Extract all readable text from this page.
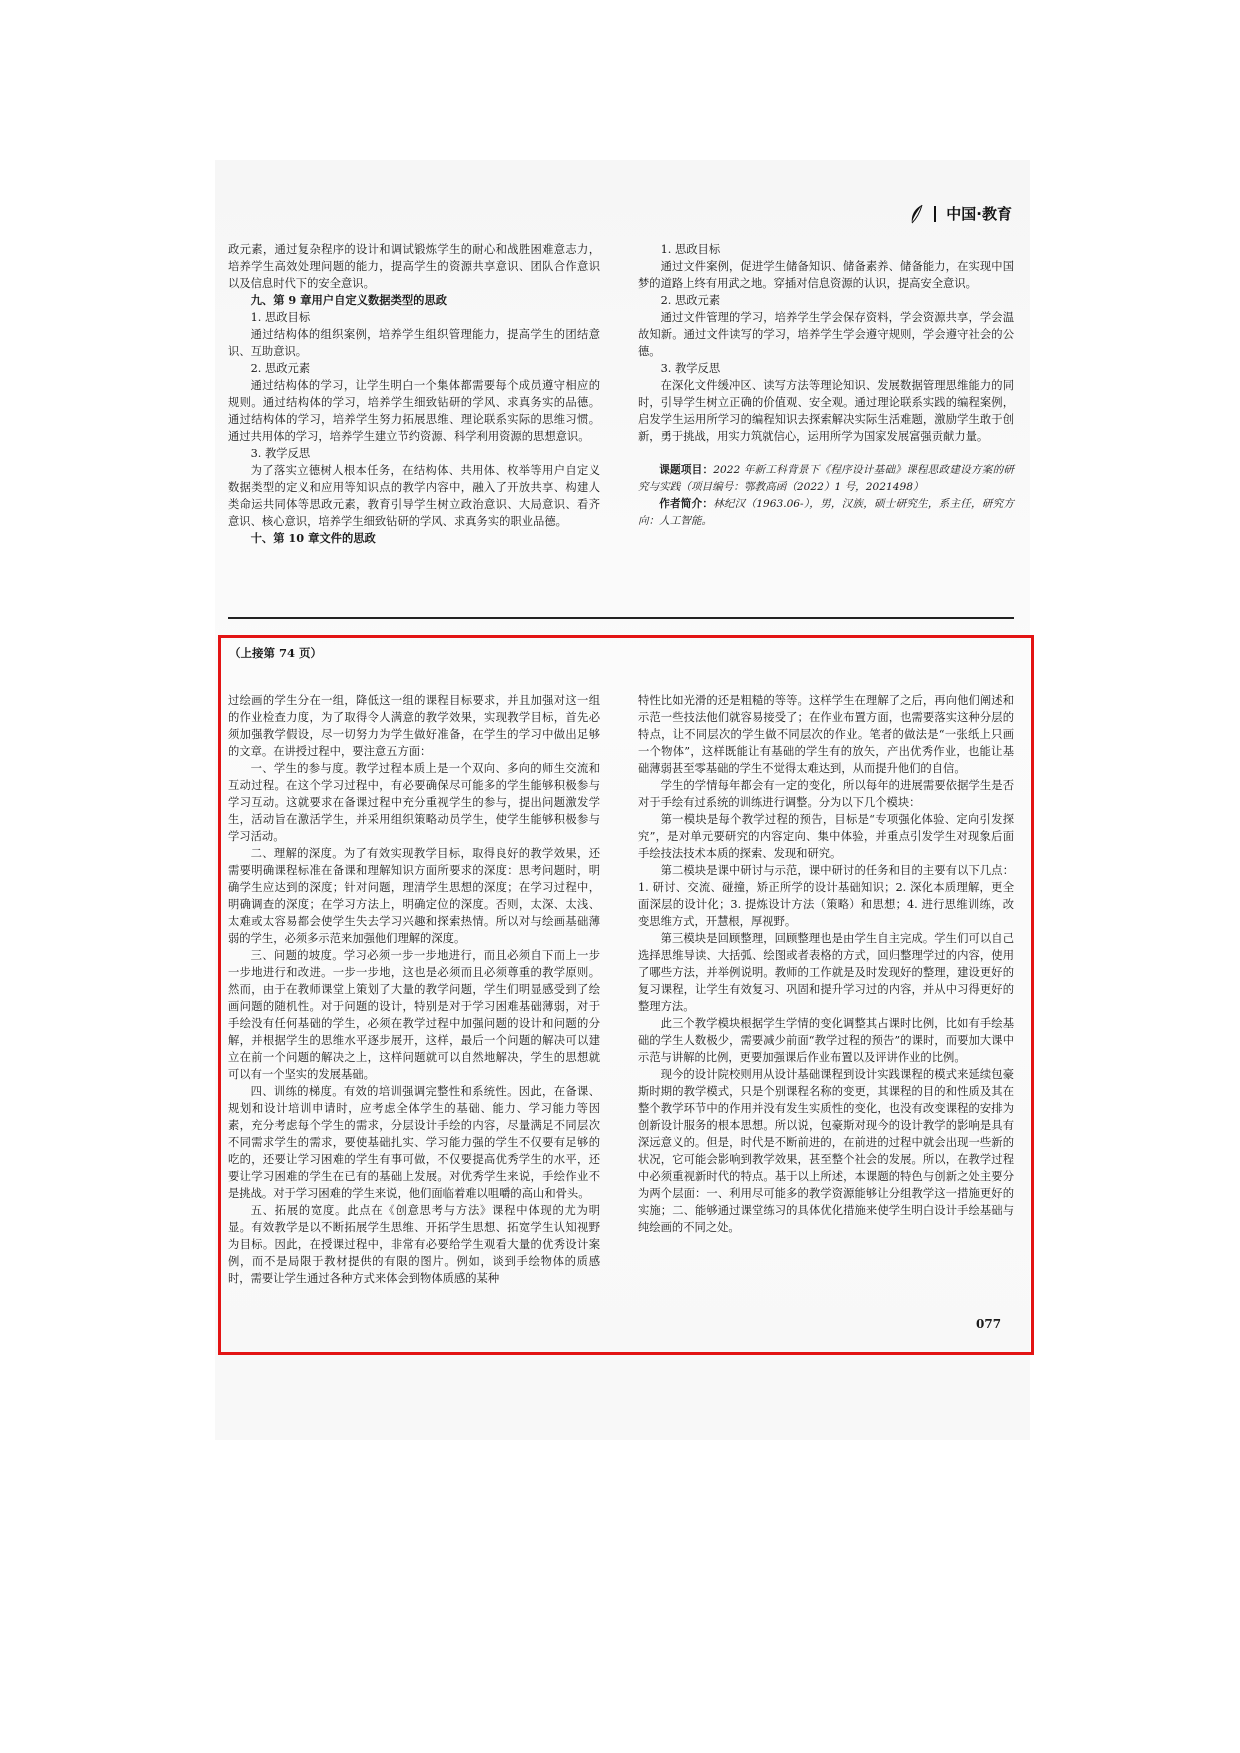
中国·教育

政元素，通过复杂程序的设计和调试锻炼学生的耐心和战胜困难意志力，培养学生高效处理问题的能力，提高学生的资源共享意识、团队合作意识以及信息时代下的安全意识。

九、第 9 章用户自定义数据类型的思政

1. 思政目标

通过结构体的组织案例，培养学生组织管理能力，提高学生的团结意识、互助意识。

2. 思政元素

通过结构体的学习，让学生明白一个集体都需要每个成员遵守相应的规则。通过结构体的学习，培养学生细致钻研的学风、求真务实的品德。通过结构体的学习，培养学生努力拓展思维、理论联系实际的思维习惯。通过共用体的学习，培养学生建立节约资源、科学利用资源的思想意识。

3. 教学反思

为了落实立德树人根本任务，在结构体、共用体、枚举等用户自定义数据类型的定义和应用等知识点的教学内容中，融入了开放共享、构建人类命运共同体等思政元素，教育引导学生树立政治意识、大局意识、看齐意识、核心意识，培养学生细致钻研的学风、求真务实的职业品德。

十、第 10 章文件的思政

1. 思政目标

通过文件案例，促进学生储备知识、储备素养、储备能力，在实现中国梦的道路上终有用武之地。穿插对信息资源的认识，提高安全意识。

2. 思政元素

通过文件管理的学习，培养学生学会保存资料，学会资源共享，学会温故知新。通过文件读写的学习，培养学生学会遵守规则，学会遵守社会的公德。

3. 教学反思

在深化文件缓冲区、读写方法等理论知识、发展数据管理思维能力的同时，引导学生树立正确的价值观、安全观。通过理论联系实践的编程案例，启发学生运用所学习的编程知识去探索解决实际生活难题，激励学生敢于创新，勇于挑战，用实力筑就信心，运用所学为国家发展富强贡献力量。

课题项目：2022 年新工科背景下《程序设计基础》课程思政建设方案的研究与实践（项目编号：鄂教高函（2022）1 号，2021498）

作者简介：林纪汉（1963.06-），男，汉族，硕士研究生，系主任，研究方向：人工智能。

（上接第 74 页）

过绘画的学生分在一组，降低这一组的课程目标要求，并且加强对这一组的作业检查力度，为了取得令人满意的教学效果，实现教学目标，首先必须加强教学假设，尽一切努力为学生做好准备，在学生的学习中做出足够的文章。在讲授过程中，要注意五方面：

一、学生的参与度。教学过程本质上是一个双向、多向的师生交流和互动过程。在这个学习过程中，有必要确保尽可能多的学生能够积极参与学习互动。这就要求在备课过程中充分重视学生的参与，提出问题激发学生，活动旨在激活学生，并采用组织策略动员学生，使学生能够积极参与学习活动。

二、理解的深度。为了有效实现教学目标，取得良好的教学效果，还需要明确课程标准在备课和理解知识方面所要求的深度：思考问题时，明确学生应达到的深度；针对问题，理清学生思想的深度；在学习过程中，明确调查的深度；在学习方法上，明确定位的深度。否则，太深、太浅、太难或太容易都会使学生失去学习兴趣和探索热情。所以对与绘画基础薄弱的学生，必须多示范来加强他们理解的深度。

三、问题的坡度。学习必须一步一步地进行，而且必须自下而上一步一步地进行和改进。一步一步地，这也是必须而且必须尊重的教学原则。然而，由于在教师课堂上策划了大量的教学问题，学生们明显感受到了绘画问题的随机性。对于问题的设计，特别是对于学习困难基础薄弱，对于手绘没有任何基础的学生，必须在教学过程中加强问题的设计和问题的分解，并根据学生的思维水平逐步展开，这样，最后一个问题的解决可以建立在前一个问题的解决之上，这样问题就可以自然地解决，学生的思想就可以有一个坚实的发展基础。

四、训练的梯度。有效的培训强调完整性和系统性。因此，在备课、规划和设计培训申请时，应考虑全体学生的基础、能力、学习能力等因素，充分考虑每个学生的需求，分层设计手绘的内容，尽量满足不同层次不同需求学生的需求，要使基础扎实、学习能力强的学生不仅要有足够的吃的，还要让学习困难的学生有事可做，不仅要提高优秀学生的水平，还要让学习困难的学生在已有的基础上发展。对优秀学生来说，手绘作业不是挑战。对于学习困难的学生来说，他们面临着难以咀嚼的高山和骨头。

五、拓展的宽度。此点在《创意思考与方法》课程中体现的尤为明显。有效教学是以不断拓展学生思维、开拓学生思想、拓宽学生认知视野为目标。因此，在授课过程中，非常有必要给学生观看大量的优秀设计案例，而不是局限于教材提供的有限的图片。例如，谈到手绘物体的质感时，需要让学生通过各种方式来体会到物体质感的某种

特性比如光滑的还是粗糙的等等。这样学生在理解了之后，再向他们阐述和示范一些技法他们就容易接受了；在作业布置方面，也需要落实这种分层的特点，让不同层次的学生做不同层次的作业。笔者的做法是“一张纸上只画一个物体”，这样既能让有基础的学生有的放矢，产出优秀作业，也能让基础薄弱甚至零基础的学生不觉得太难达到，从而提升他们的自信。

学生的学情每年都会有一定的变化，所以每年的进展需要依据学生是否对于手绘有过系统的训练进行调整。分为以下几个模块：

第一模块是每个教学过程的预告，目标是“专项强化体验、定向引发探究”，是对单元要研究的内容定向、集中体验，并重点引发学生对现象后面手绘技法技术本质的探索、发现和研究。

第二模块是课中研讨与示范，课中研讨的任务和目的主要有以下几点：1. 研讨、交流、碰撞，矫正所学的设计基础知识；2. 深化本质理解，更全面深层的设计化；3. 提炼设计方法（策略）和思想；4. 进行思维训练，改变思维方式，开慧根，厚视野。

第三模块是回顾整理，回顾整理也是由学生自主完成。学生们可以自己选择思维导读、大括弧、绘图或者表格的方式，回归整理学过的内容，使用了哪些方法，并举例说明。教师的工作就是及时发现好的整理，建设更好的复习课程，让学生有效复习、巩固和提升学习过的内容，并从中习得更好的整理方法。

此三个教学模块根据学生学情的变化调整其占课时比例，比如有手绘基础的学生人数极少，需要减少前面“教学过程的预告”的课时，而要加大课中示范与讲解的比例，更要加强课后作业布置以及评讲作业的比例。

现今的设计院校则用从设计基础课程到设计实践课程的模式来延续包豪斯时期的教学模式，只是个别课程名称的变更，其课程的目的和性质及其在整个教学环节中的作用并没有发生实质性的变化，也没有改变课程的安排为创新设计服务的根本思想。所以说，包豪斯对现今的设计教学的影响是具有深远意义的。但是，时代是不断前进的，在前进的过程中就会出现一些新的状况，它可能会影响到教学效果，甚至整个社会的发展。所以，在教学过程中必须重视新时代的特点。基于以上所述，本课题的特色与创新之处主要分为两个层面：一、利用尽可能多的教学资源能够让分组教学这一措施更好的实施；二、能够通过课堂练习的具体优化措施来使学生明白设计手绘基础与纯绘画的不同之处。

077
